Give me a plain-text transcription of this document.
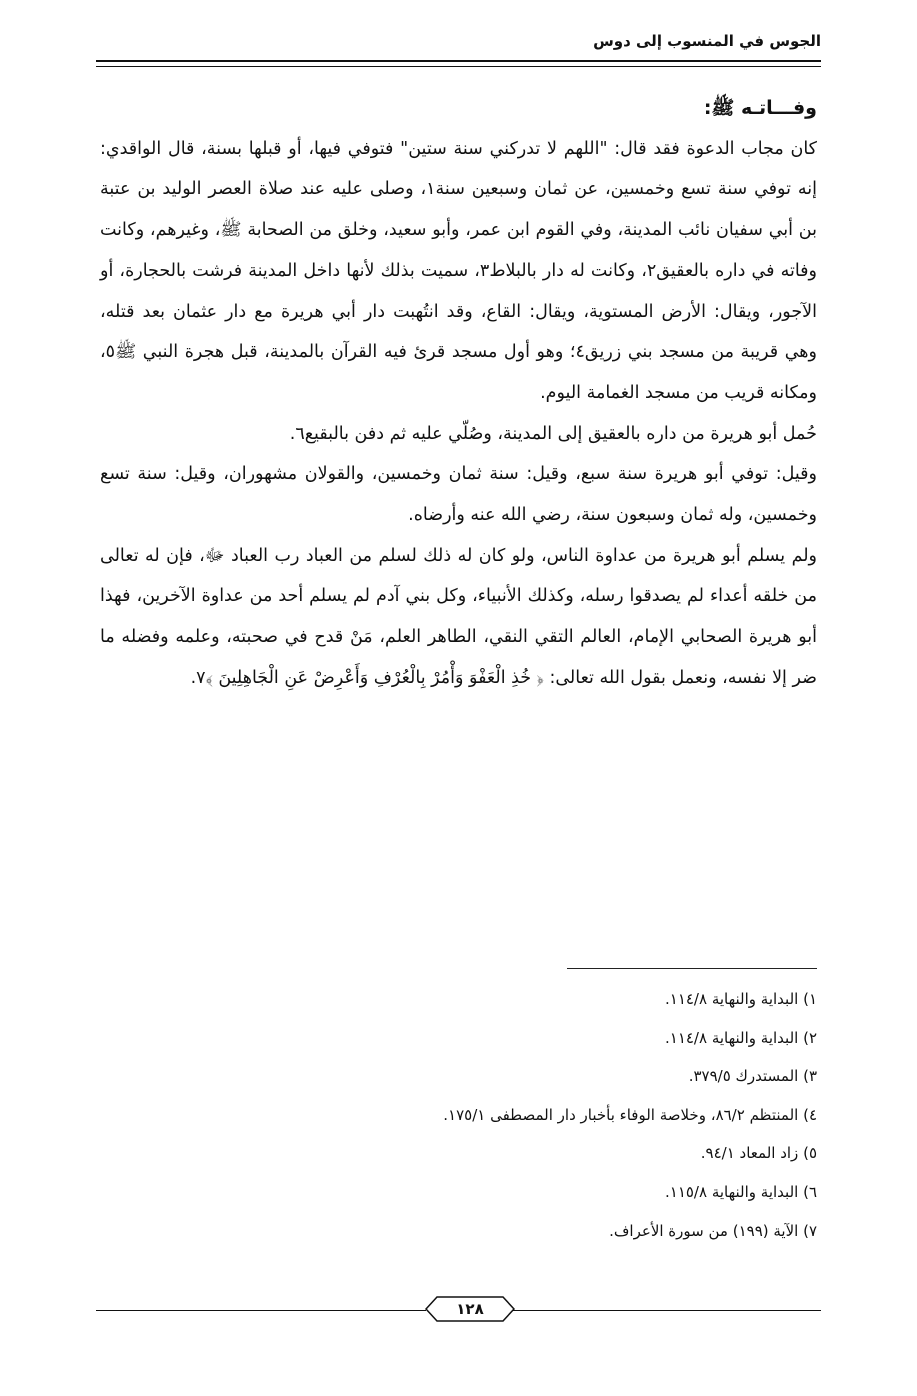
الجوس في المنسوب إلى دوس

وفـــاتـه ﷺ:

كان مجاب الدعوة فقد قال: "اللهم لا تدركني سنة ستين" فتوفي فيها، أو قبلها بسنة، قال الواقدي: إنه توفي سنة تسع وخمسين، عن ثمان وسبعين سنة١، وصلى عليه عند صلاة العصر الوليد بن عتبة بن أبي سفيان نائب المدينة، وفي القوم ابن عمر، وأبو سعيد، وخلق من الصحابة ﷺ، وغيرهم، وكانت وفاته في داره بالعقيق٢، وكانت له دار بالبلاط٣، سميت بذلك لأنها داخل المدينة فرشت بالحجارة، أو الآجور، ويقال: الأرض المستوية، ويقال: القاع، وقد انتُهبت دار أبي هريرة مع دار عثمان بعد قتله، وهي قريبة من مسجد بني زريق٤؛ وهو أول مسجد قرئ فيه القرآن بالمدينة، قبل هجرة النبي ﷺ٥، ومكانه قريب من مسجد الغمامة اليوم.

حُمل أبو هريرة من داره بالعقيق إلى المدينة، وصُلّي عليه ثم دفن بالبقيع٦.

وقيل: توفي أبو هريرة سنة سبع، وقيل: سنة ثمان وخمسين، والقولان مشهوران، وقيل: سنة تسع وخمسين، وله ثمان وسبعون سنة، رضي الله عنه وأرضاه.

ولم يسلم أبو هريرة من عداوة الناس، ولو كان له ذلك لسلم من العباد رب العباد ﷻ، فإن له تعالى من خلقه أعداء لم يصدقوا رسله، وكذلك الأنبياء، وكل بني آدم لم يسلم أحد من عداوة الآخرين، فهذا أبو هريرة الصحابي الإمام، العالم التقي النقي، الطاهر العلم، مَنْ قدح في صحبته، وعلمه وفضله ما ضر إلا نفسه، ونعمل بقول الله تعالى: ﴿ خُذِ الْعَفْوَ وَأْمُرْ بِالْعُرْفِ وَأَعْرِضْ عَنِ الْجَاهِلِينَ ﴾٧.

١) البداية والنهاية ١١٤/٨.

٢) البداية والنهاية ١١٤/٨.

٣) المستدرك ٣٧٩/٥.

٤) المنتظم ٨٦/٢، وخلاصة الوفاء بأخبار دار المصطفى ١٧٥/١.

٥) زاد المعاد ٩٤/١.

٦) البداية والنهاية ١١٥/٨.

٧) الآية (١٩٩) من سورة الأعراف.

١٢٨
